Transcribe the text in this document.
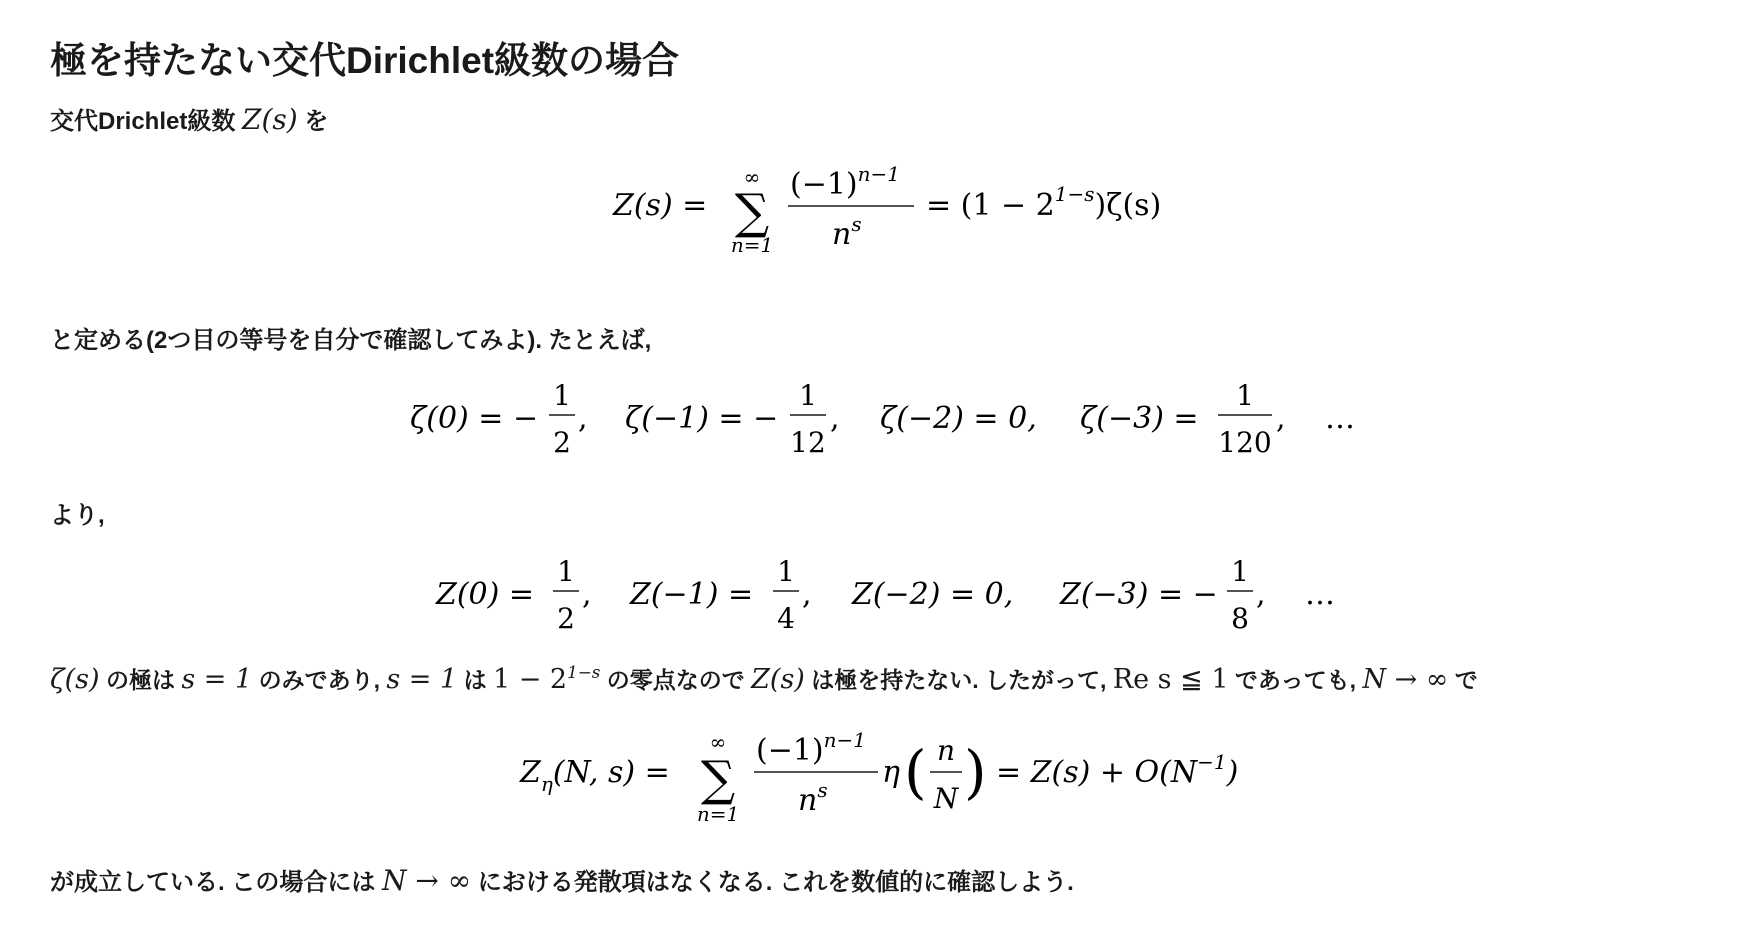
極を持たない交代Dirichlet級数の場合
交代Drichlet級数 Z(s) を
Z(s) =
∞
∑
n=1
$(-1)^{n-1}$
$n^s$
= $(1 - 2^{1-s})\zeta(s)$
と定める(2つ目の等号を自分で確認してみよ). たとえば,
ζ(0) = −
1
2
, ζ(−1) = −
1
12
, ζ(−2) = 0, ζ(−3) =
1
120
, …
より,
Z(0) =
1
2
, Z(−1) =
1
4
, Z(−2) = 0, Z(−3) = −
1
8
, …
ζ(s) の極は s = 1 のみであり, s = 1 は $1 - 2^{1-s}$ の零点なので Z(s) は極を持たない. したがって, Re s ≦ 1 であっても, N → ∞ で
$Z_\eta(N$, s) =
∞
∑
n=1
$(-1)^{n-1}$
$n^s$ η ( n
N ) = $Z(s) + O(N^{-1})$
が成立している. この場合には N → ∞ における発散項はなくなる. これを数値的に確認しよう.
